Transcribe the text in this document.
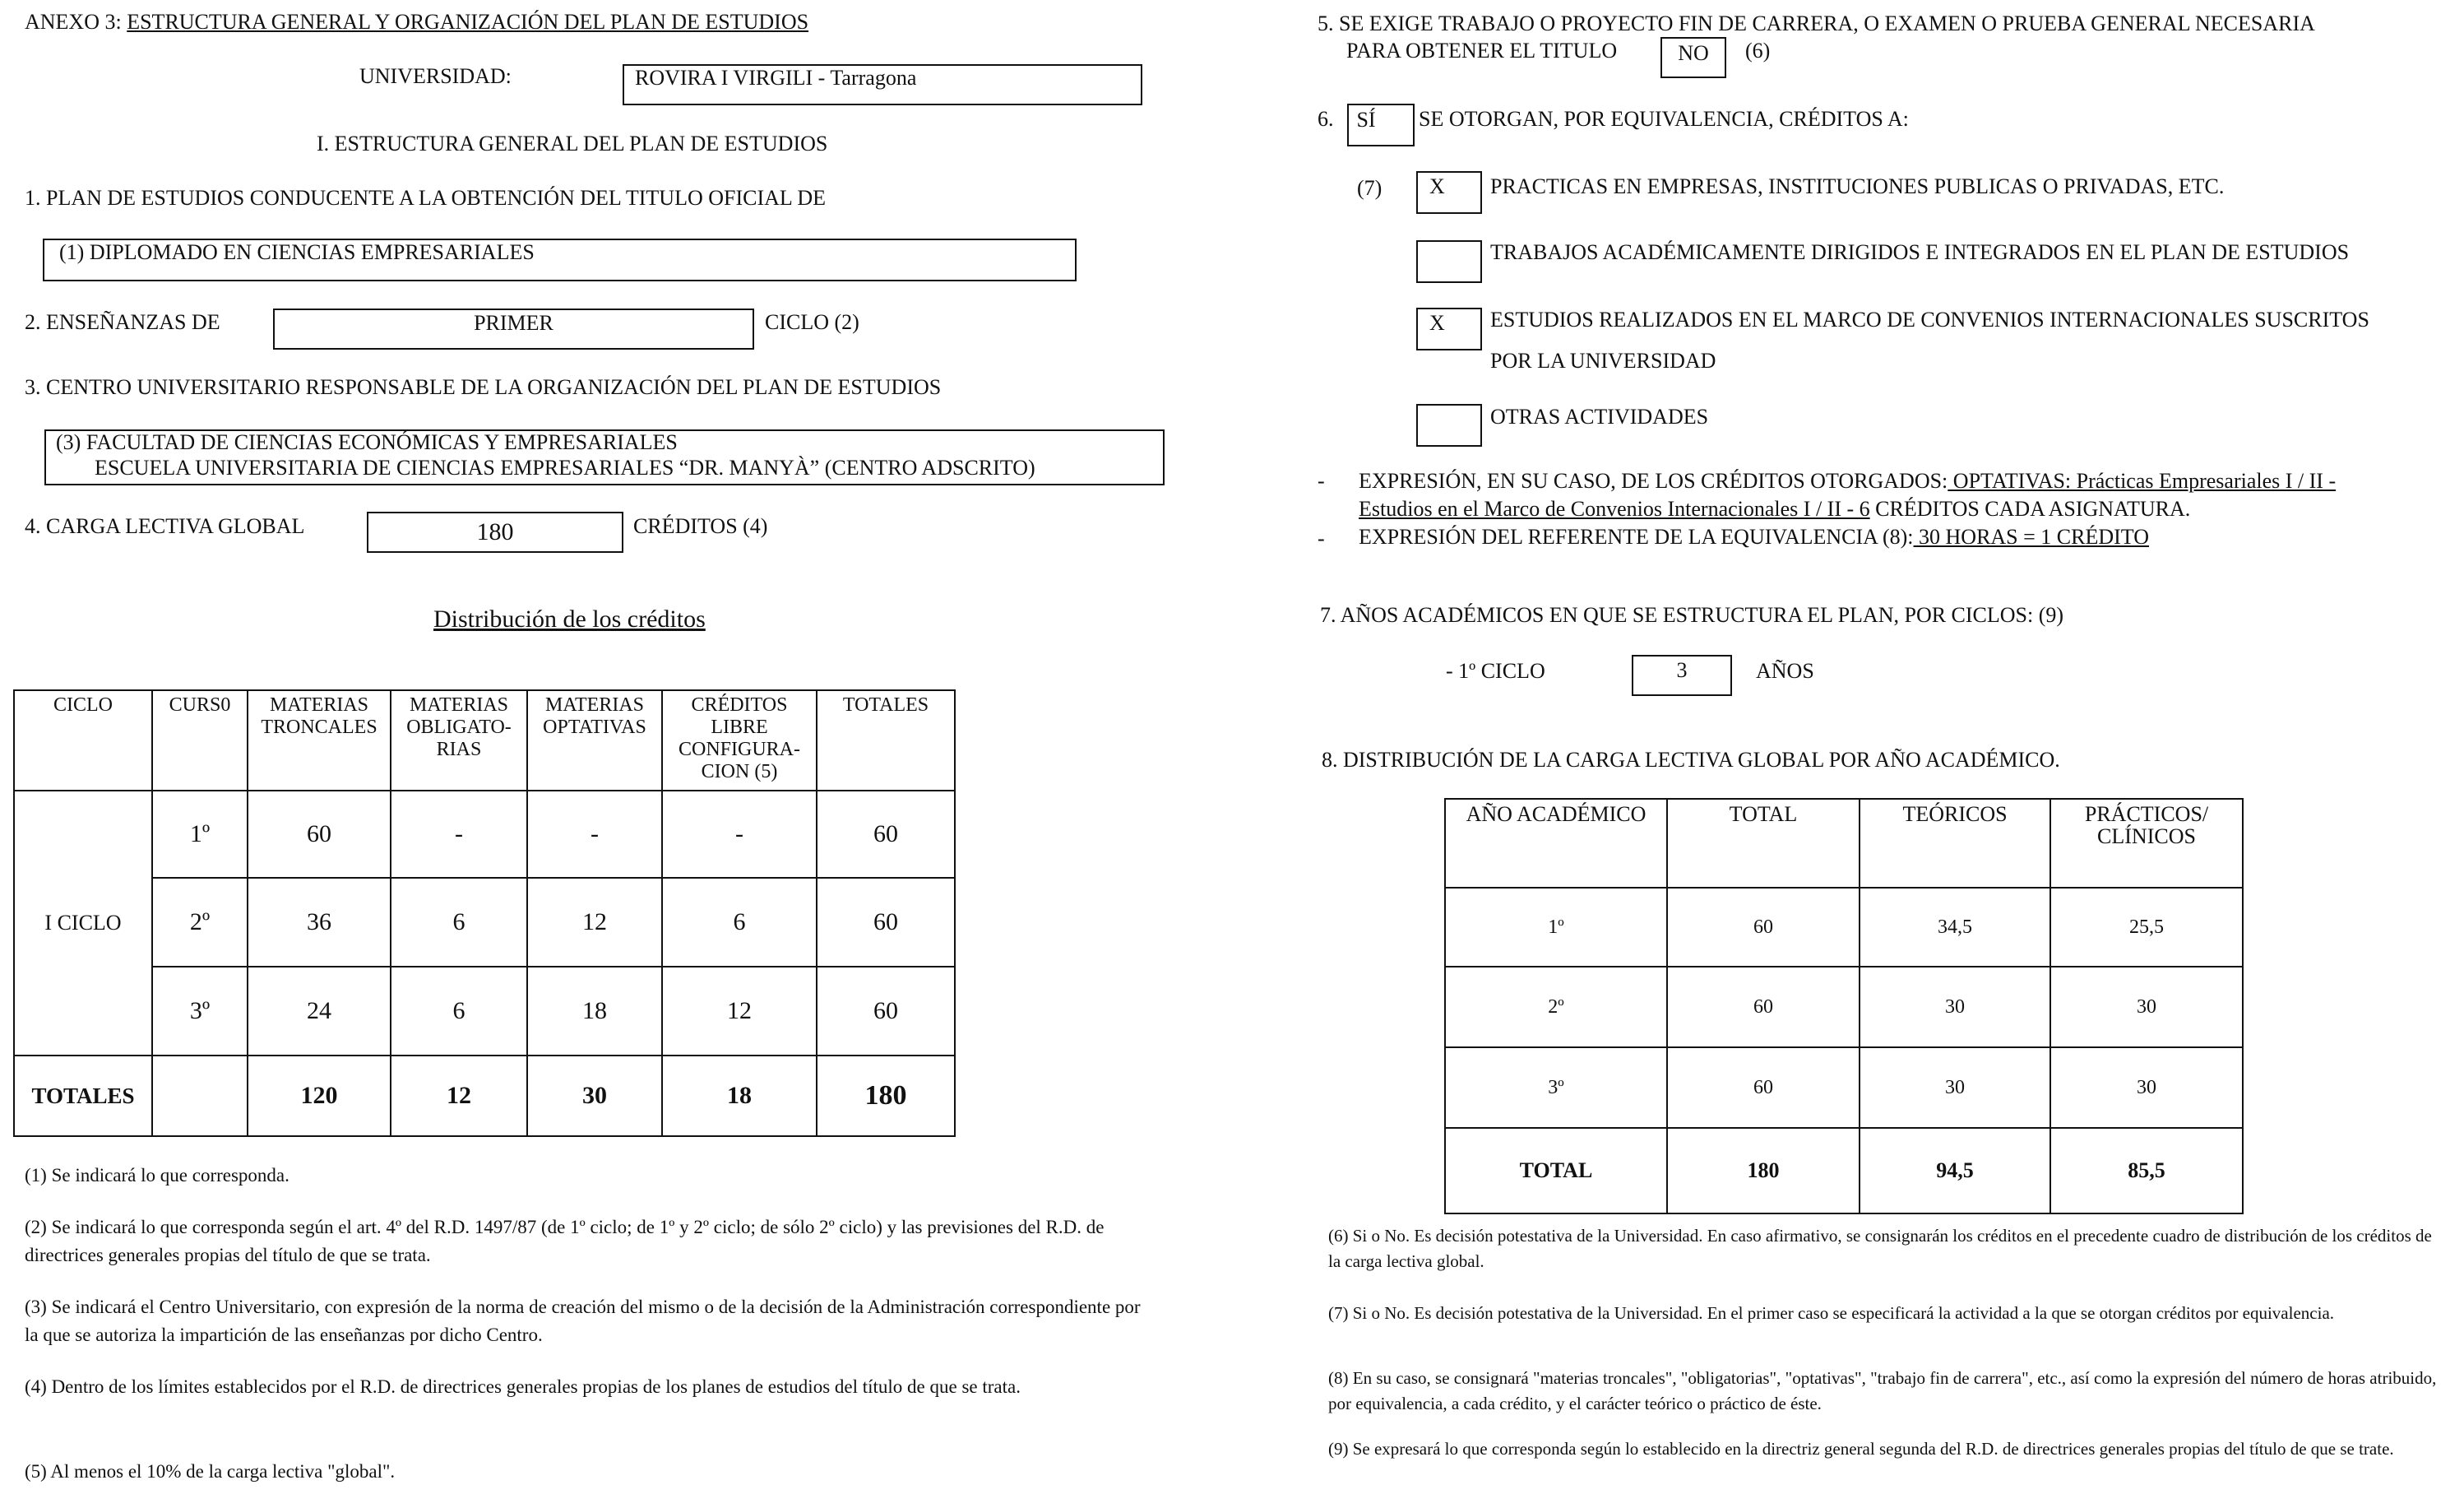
ANEXO 3: ESTRUCTURA GENERAL Y ORGANIZACIÓN DEL PLAN DE ESTUDIOS
UNIVERSIDAD:	ROVIRA I VIRGILI - Tarragona
I. ESTRUCTURA GENERAL DEL PLAN DE ESTUDIOS
1. PLAN DE ESTUDIOS CONDUCENTE A LA OBTENCIÓN DEL TITULO OFICIAL DE
(1) DIPLOMADO EN CIENCIAS EMPRESARIALES
2. ENSEÑANZAS DE	PRIMER	CICLO (2)
3. CENTRO UNIVERSITARIO RESPONSABLE DE LA ORGANIZACIÓN DEL PLAN DE ESTUDIOS
(3) FACULTAD DE CIENCIAS ECONÓMICAS Y EMPRESARIALES
ESCUELA UNIVERSITARIA DE CIENCIAS EMPRESARIALES “DR. MANYÀ” (CENTRO ADSCRITO)
4. CARGA LECTIVA GLOBAL	180	CRÉDITOS (4)
Distribución de los créditos
CICLO	CURS0	MATERIAS TRONCALES	MATERIAS OBLIGATO-RIAS	MATERIAS OPTATIVAS	CRÉDITOS LIBRE CONFIGURA-CION (5)	TOTALES
I CICLO	1º	60	-	-	-	60
	2º	36	6	12	6	60
	3º	24	6	18	12	60
TOTALES		120	12	30	18	180
(1) Se indicará lo que corresponda.
(2) Se indicará lo que corresponda según el art. 4º del R.D. 1497/87 (de 1º ciclo; de 1º y 2º ciclo; de sólo 2º ciclo) y las previsiones del R.D. de directrices generales propias del título de que se trata.
(3) Se indicará el Centro Universitario, con expresión de la norma de creación del mismo o de la decisión de la Administración correspondiente por la que se autoriza la impartición de las enseñanzas por dicho Centro.
(4) Dentro de los límites establecidos por el R.D. de directrices generales propias de los planes de estudios del título de que se trata.
(5) Al menos el 10% de la carga lectiva "global".
5. SE EXIGE TRABAJO O PROYECTO FIN DE CARRERA, O EXAMEN O PRUEBA GENERAL NECESARIA
PARA OBTENER EL TITULO	NO (6)
6. SÍ SE OTORGAN, POR EQUIVALENCIA, CRÉDITOS A:
(7) X PRACTICAS EN EMPRESAS, INSTITUCIONES PUBLICAS O PRIVADAS, ETC.
TRABAJOS ACADÉMICAMENTE DIRIGIDOS E INTEGRADOS EN EL PLAN DE ESTUDIOS
X ESTUDIOS REALIZADOS EN EL MARCO DE CONVENIOS INTERNACIONALES SUSCRITOS
POR LA UNIVERSIDAD
OTRAS ACTIVIDADES
- EXPRESIÓN, EN SU CASO, DE LOS CRÉDITOS OTORGADOS: OPTATIVAS: Prácticas Empresariales I / II -
Estudios en el Marco de Convenios Internacionales I / II - 6 CRÉDITOS CADA ASIGNATURA.
- EXPRESIÓN DEL REFERENTE DE LA EQUIVALENCIA (8): 30 HORAS = 1 CRÉDITO
7. AÑOS ACADÉMICOS EN QUE SE ESTRUCTURA EL PLAN, POR CICLOS: (9)
- 1º CICLO	3	AÑOS
8. DISTRIBUCIÓN DE LA CARGA LECTIVA GLOBAL POR AÑO ACADÉMICO.
AÑO ACADÉMICO	TOTAL	TEÓRICOS	PRÁCTICOS/ CLÍNICOS
1º	60	34,5	25,5
2º	60	30	30
3º	60	30	30
TOTAL	180	94,5	85,5
(6) Si o No. Es decisión potestativa de la Universidad. En caso afirmativo, se consignarán los créditos en el precedente cuadro de distribución de los créditos de la carga lectiva global.
(7) Si o No. Es decisión potestativa de la Universidad. En el primer caso se especificará la actividad a la que se otorgan créditos por equivalencia.
(8) En su caso, se consignará "materias troncales", "obligatorias", "optativas", "trabajo fin de carrera", etc., así como la expresión del número de horas atribuido, por equivalencia, a cada crédito, y el carácter teórico o práctico de éste.
(9) Se expresará lo que corresponda según lo establecido en la directriz general segunda del R.D. de directrices generales propias del título de que se trate.
